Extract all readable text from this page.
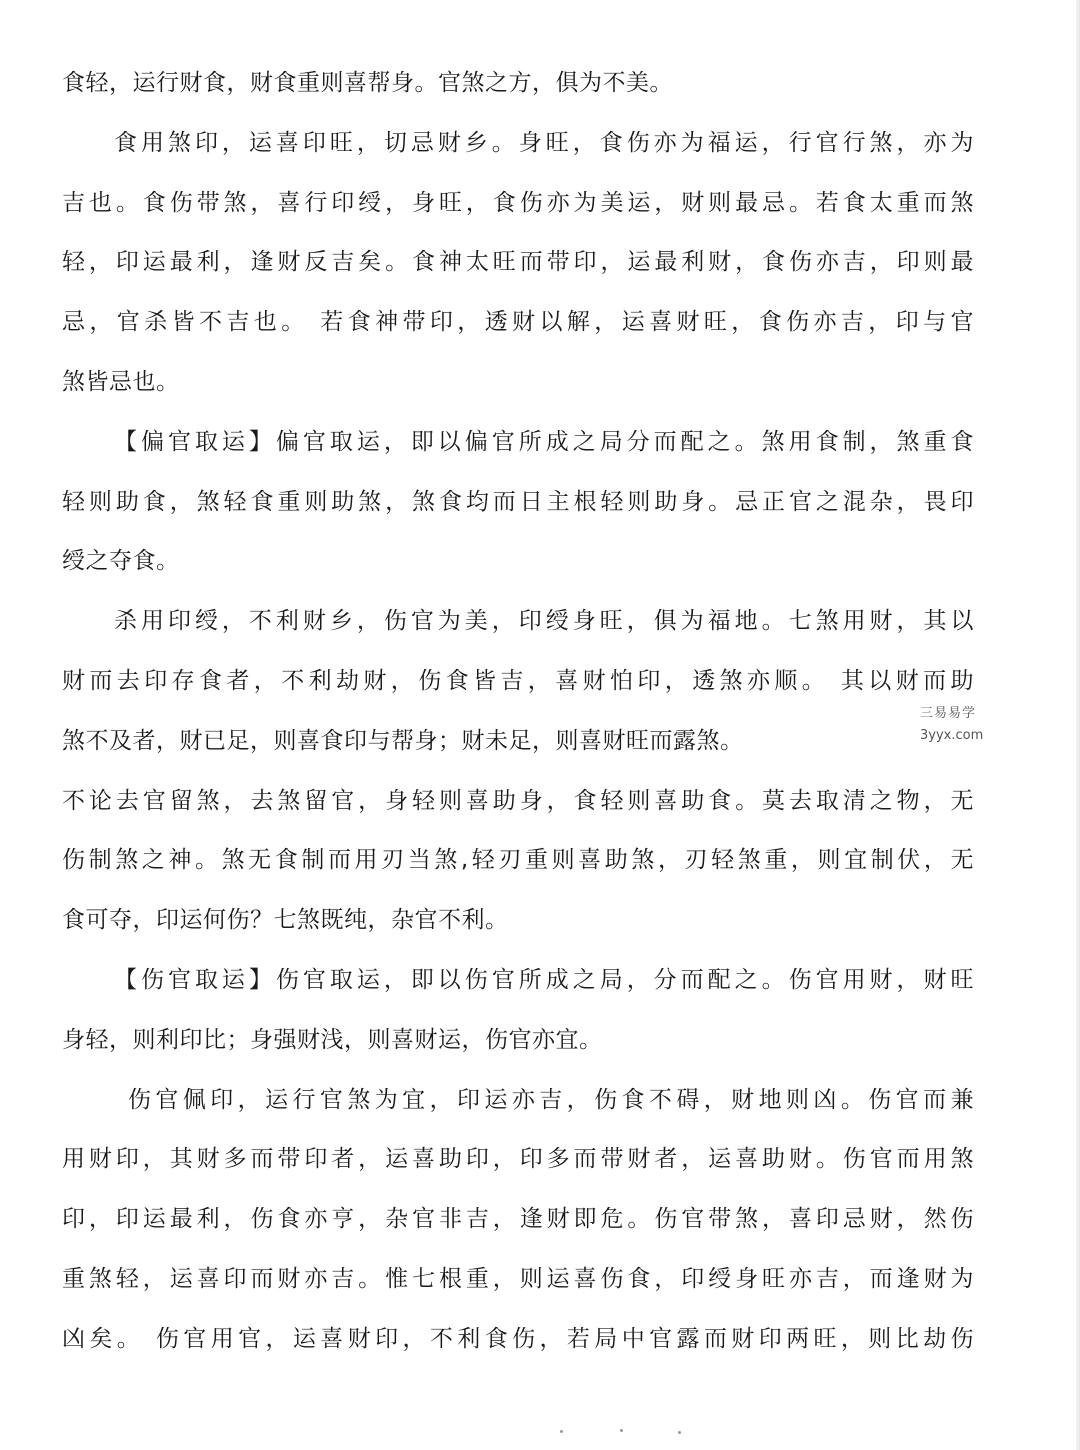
食轻，运行财食，财食重则喜帮身。官煞之方，俱为不美。
食用煞印，运喜印旺，切忌财乡。身旺，食伤亦为福运，行官行煞，亦为
吉也。食伤带煞，喜行印绶，身旺，食伤亦为美运，财则最忌。若食太重而煞
轻，印运最利，逢财反吉矣。食神太旺而带印，运最利财，食伤亦吉，印则最
忌，官杀皆不吉也。 若食神带印，透财以解，运喜财旺，食伤亦吉，印与官
煞皆忌也。
【偏官取运】偏官取运，即以偏官所成之局分而配之。煞用食制，煞重食
轻则助食，煞轻食重则助煞，煞食均而日主根轻则助身。忌正官之混杂，畏印
绶之夺食。
杀用印绶，不利财乡，伤官为美，印绶身旺，俱为福地。七煞用财，其以
财而去印存食者，不利劫财，伤食皆吉，喜财怕印，透煞亦顺。 其以财而助
煞不及者，财已足，则喜食印与帮身；财未足，则喜财旺而露煞。
不论去官留煞，去煞留官，身轻则喜助身，食轻则喜助食。莫去取清之物，无
伤制煞之神。煞无食制而用刃当煞,轻刃重则喜助煞，刃轻煞重，则宜制伏，无
食可夺，印运何伤？七煞既纯，杂官不利。
【伤官取运】伤官取运，即以伤官所成之局，分而配之。伤官用财，财旺
身轻，则利印比；身强财浅，则喜财运，伤官亦宜。
伤官佩印，运行官煞为宜，印运亦吉，伤食不碍，财地则凶。伤官而兼
用财印，其财多而带印者，运喜助印，印多而带财者，运喜助财。伤官而用煞
印，印运最利，伤食亦亨，杂官非吉，逢财即危。伤官带煞，喜印忌财，然伤
重煞轻，运喜印而财亦吉。惟七根重，则运喜伤食，印绶身旺亦吉，而逢财为
凶矣。 伤官用官，运喜财印，不利食伤，若局中官露而财印两旺，则比劫伤
三易易学
3yyx.com
